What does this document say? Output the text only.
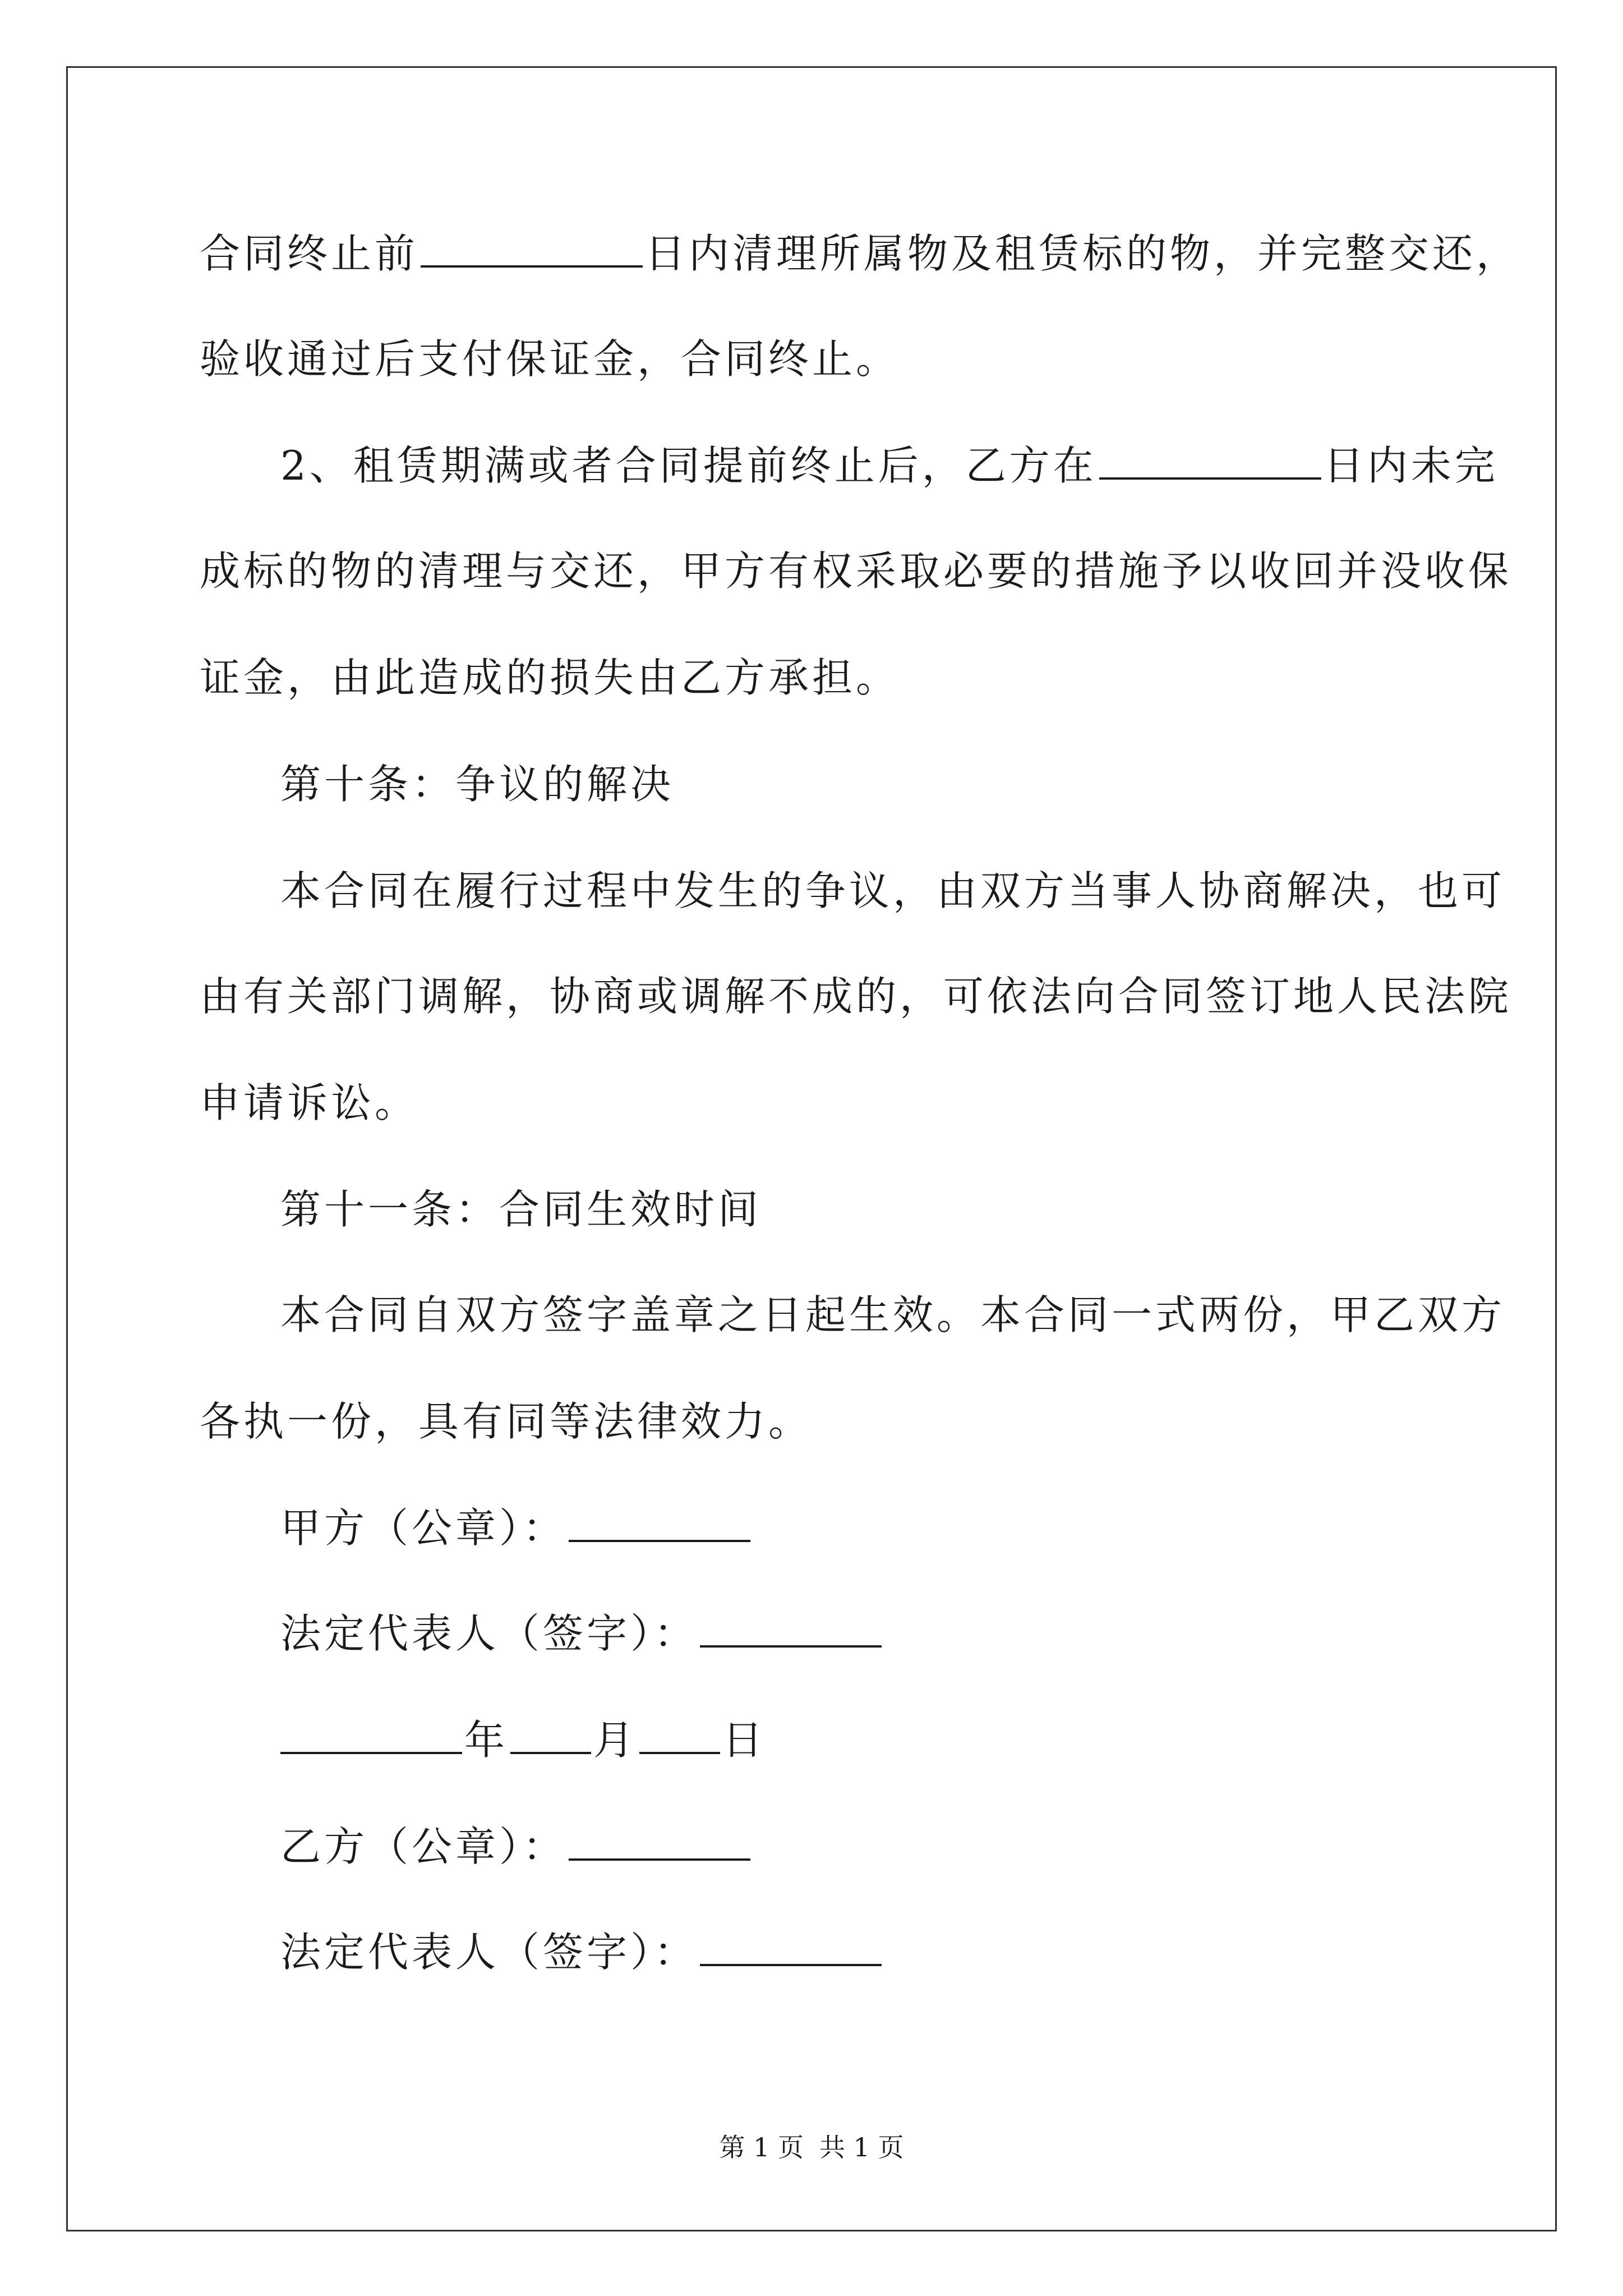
合同终止前	日内清理所属物及租赁标的物，并完整交还，
验收通过后支付保证金，合同终止。
2、租赁期满或者合同提前终止后，乙方在	日内未完
成标的物的清理与交还，甲方有权采取必要的措施予以收回并没收保
证金，由此造成的损失由乙方承担。
第十条：争议的解决
本合同在履行过程中发生的争议，由双方当事人协商解决，也可
由有关部门调解，协商或调解不成的，可依法向合同签订地人民法院
申请诉讼。
第十一条：合同生效时间
本合同自双方签字盖章之日起生效。本合同一式两份，甲乙双方
各执一份，具有同等法律效力。
甲方（公章）：
法定代表人（签字）：
年 月 日
乙方（公章）：
法定代表人（签字）：
第 1 页 共 1 页
